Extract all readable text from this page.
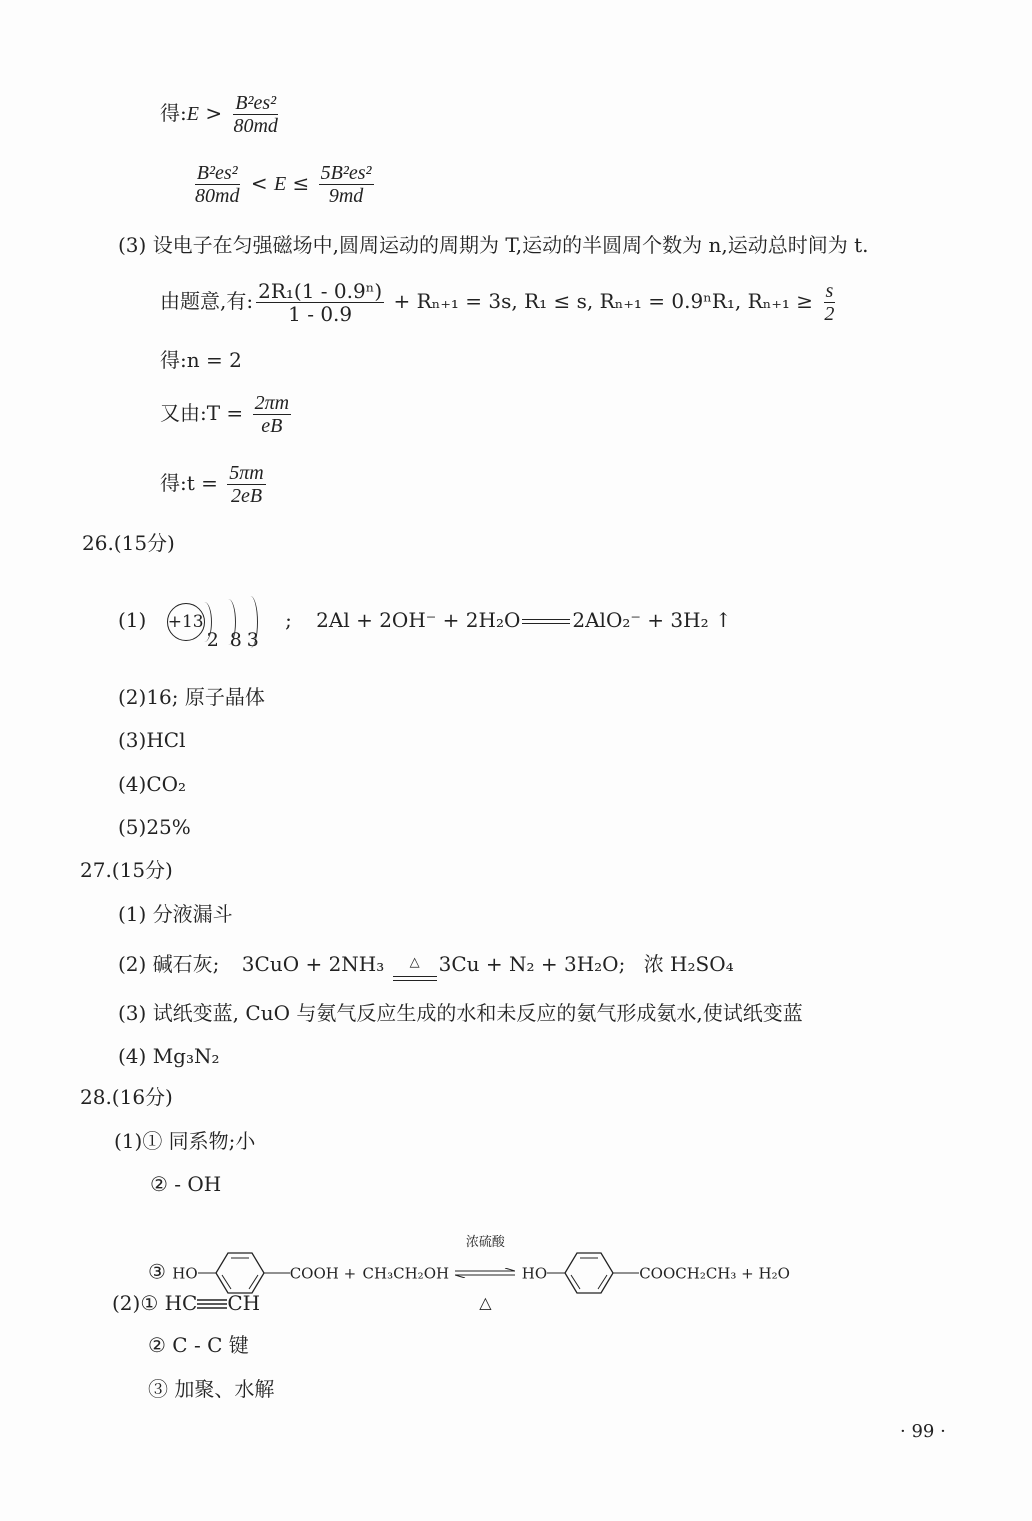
得:E > $\frac{\text{B²es²}}{80md}$
$\frac{\text{B²es²}}{80md} < E \le \frac{\text{5B²es²}}{9md}$
(3) 设电子在匀强磁场中,圆周运动的周期为 T,运动的半圆周个数为 n,运动总时间为 t.
由题意,有: $\frac{\text{2R₁(1 - 0.9ⁿ)}}{1 - 0.9} + R_{n+1} = 3s$, R₁ ≤ s, Rₙ₊₁ = 0.9ⁿR₁, $R_{n+1} \ge \frac{s}{2}$
得:n = 2
又由:T = $\frac{2\pi m}{eB}$
得:t = $\frac{5\pi m}{2eB}$
26.(15分)
(1) +13
2 8 3
; 2Al + 2OH⁻ + 2H₂O	2AlO₂⁻ + 3H₂ ↑
(2)16; 原子晶体
(3)HCl
(4)CO₂
(5)25%
27.(15分)
(1) 分液漏斗
(2) 碱石灰; 3CuO + 2NH₃ △ 3Cu + N₂ + 3H₂O; 浓 H₂SO₄
(3) 试纸变蓝, CuO 与氨气反应生成的水和未反应的氨气形成氨水,使试纸变蓝
(4) Mg₃N₂
28.(16分)
(1)① 同系物;小
② - OH
③ HO	COOH + CH₃CH₂OH
浓硫酸
△
HO	COOCH₂CH₃ + H₂O
(2)① HC CH
② C - C 键
③ 加聚、水解
· 99 ·
